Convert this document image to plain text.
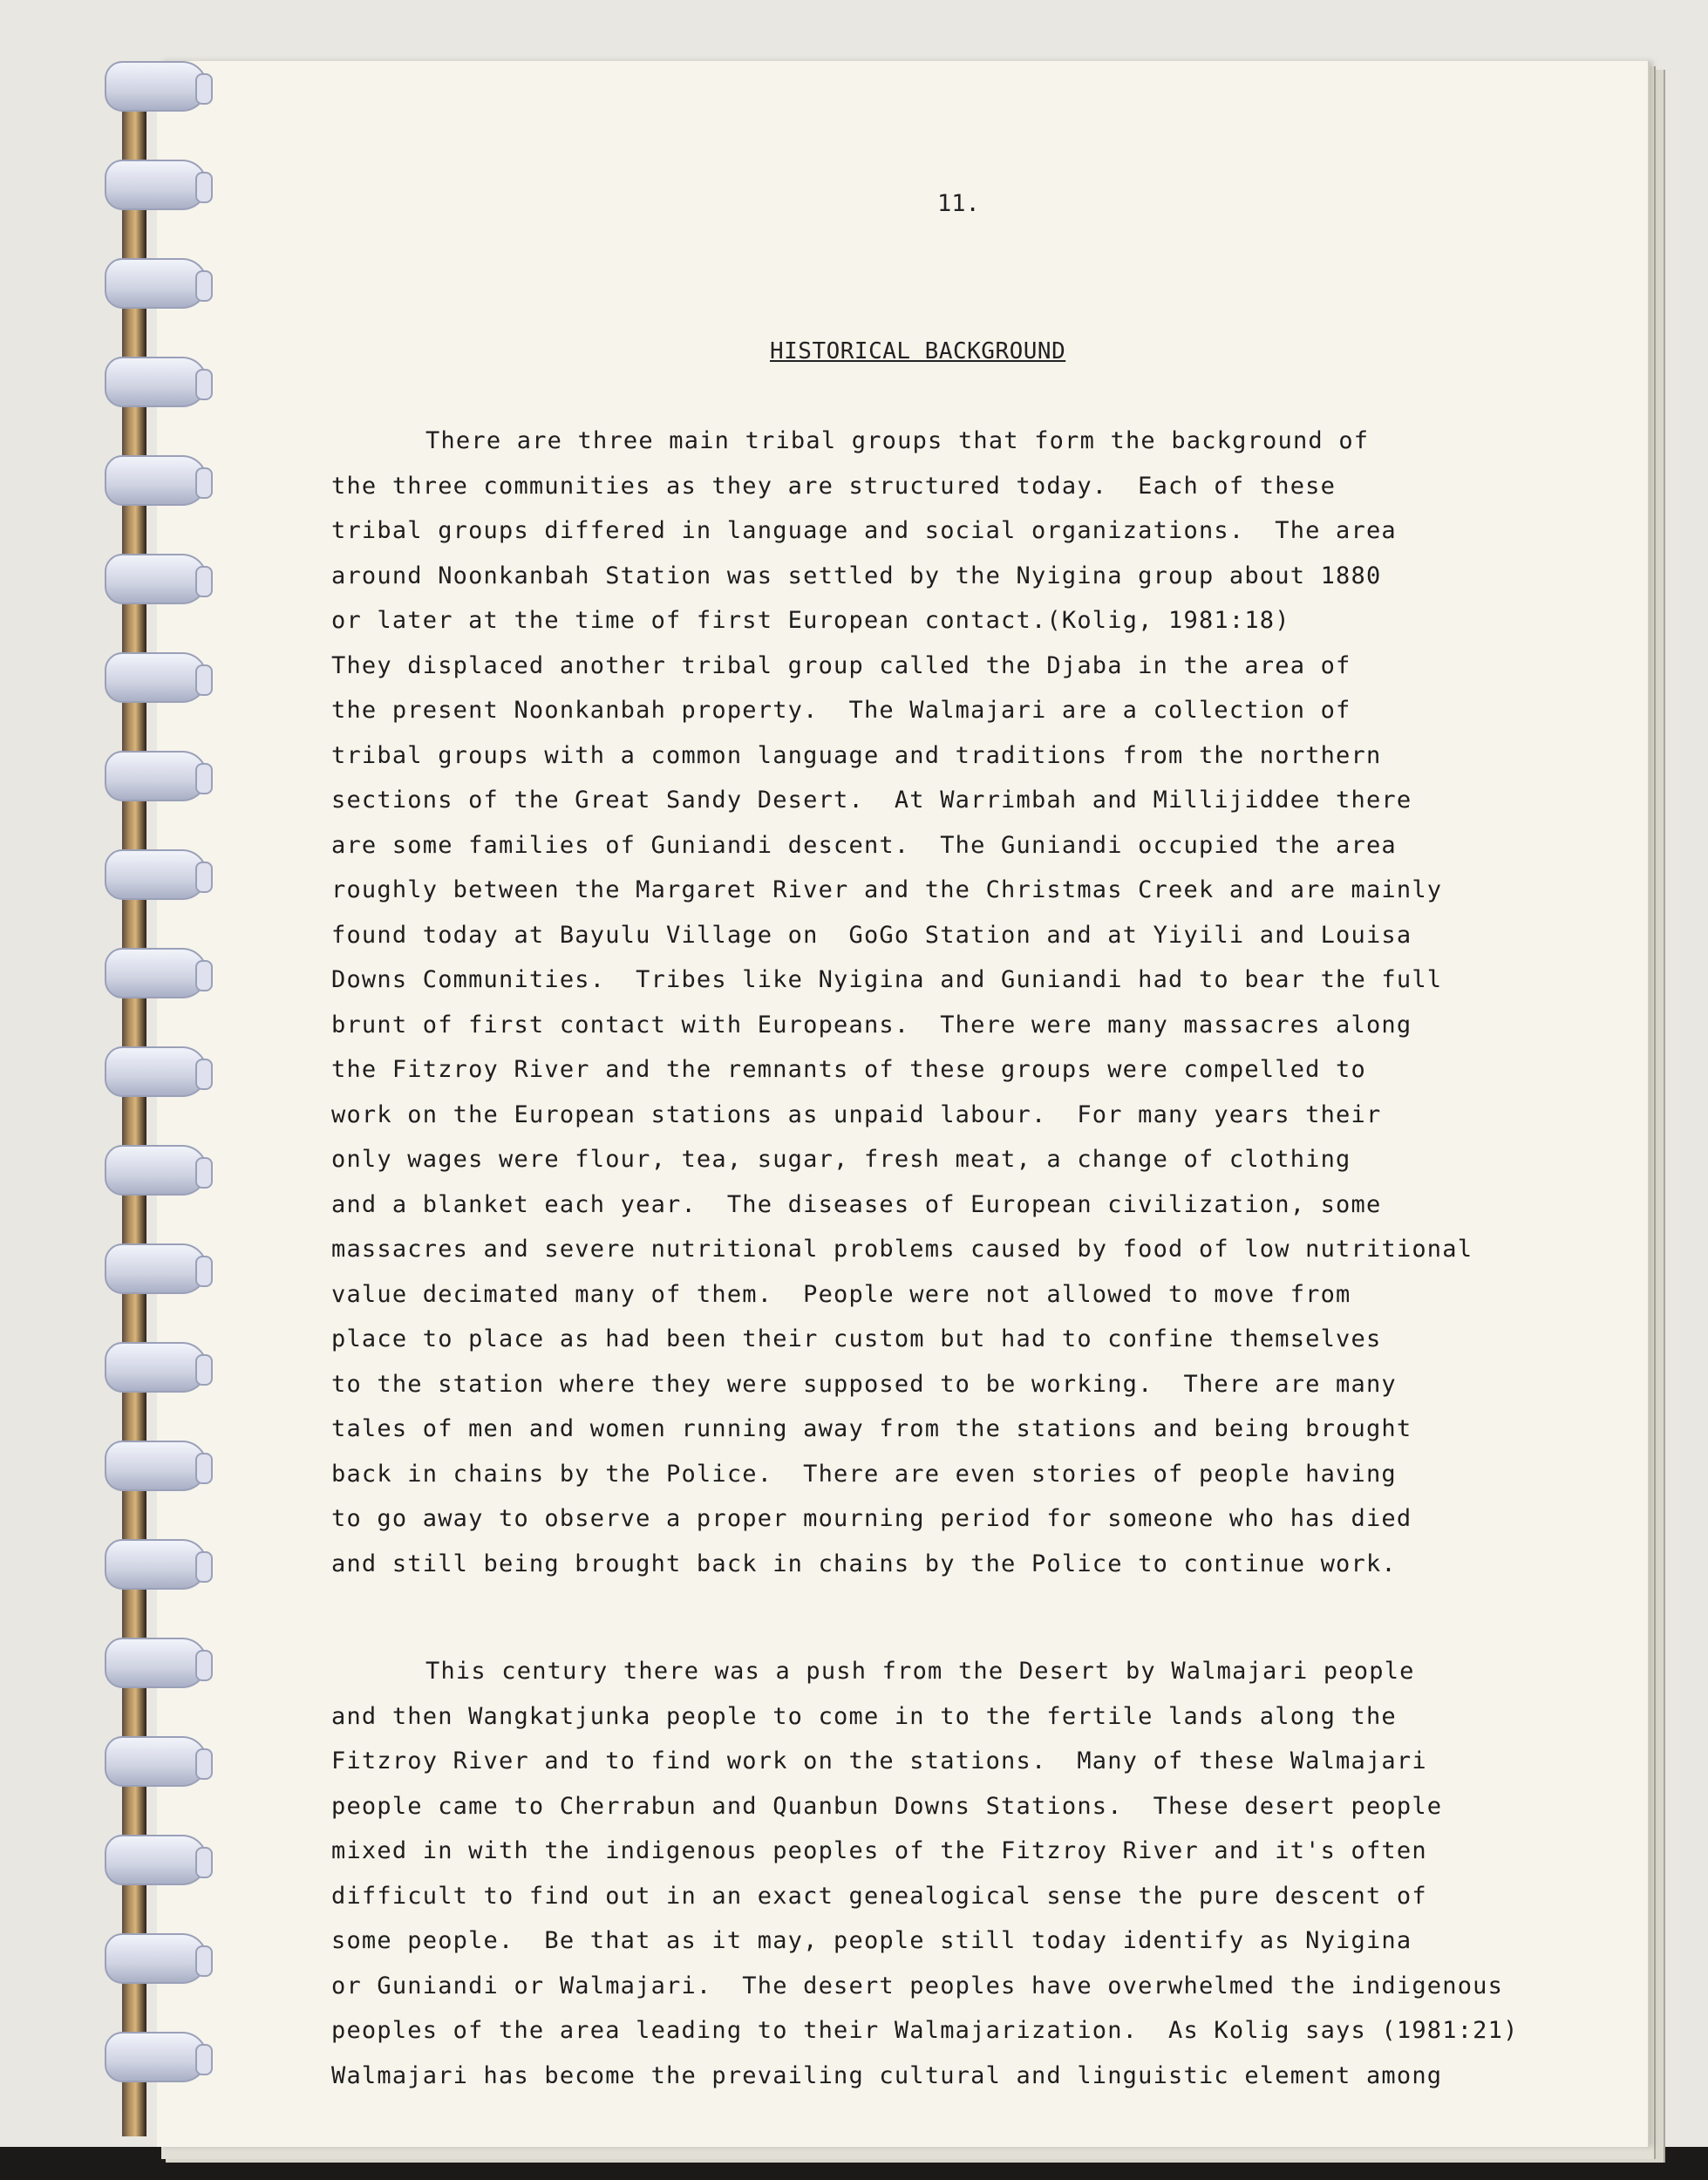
11.
HISTORICAL BACKGROUND
There are three main tribal groups that form the background of
the three communities as they are structured today.  Each of these
tribal groups differed in language and social organizations.  The area
around Noonkanbah Station was settled by the Nyigina group about 1880
or later at the time of first European contact.(Kolig, 1981:18)
They displaced another tribal group called the Djaba in the area of
the present Noonkanbah property.  The Walmajari are a collection of
tribal groups with a common language and traditions from the northern
sections of the Great Sandy Desert.  At Warrimbah and Millijiddee there
are some families of Guniandi descent.  The Guniandi occupied the area
roughly between the Margaret River and the Christmas Creek and are mainly
found today at Bayulu Village on  GoGo Station and at Yiyili and Louisa
Downs Communities.  Tribes like Nyigina and Guniandi had to bear the full
brunt of first contact with Europeans.  There were many massacres along
the Fitzroy River and the remnants of these groups were compelled to
work on the European stations as unpaid labour.  For many years their
only wages were flour, tea, sugar, fresh meat, a change of clothing
and a blanket each year.  The diseases of European civilization, some
massacres and severe nutritional problems caused by food of low nutritional
value decimated many of them.  People were not allowed to move from
place to place as had been their custom but had to confine themselves
to the station where they were supposed to be working.  There are many
tales of men and women running away from the stations and being brought
back in chains by the Police.  There are even stories of people having
to go away to observe a proper mourning period for someone who has died
and still being brought back in chains by the Police to continue work.
This century there was a push from the Desert by Walmajari people
and then Wangkatjunka people to come in to the fertile lands along the
Fitzroy River and to find work on the stations.  Many of these Walmajari
people came to Cherrabun and Quanbun Downs Stations.  These desert people
mixed in with the indigenous peoples of the Fitzroy River and it's often
difficult to find out in an exact genealogical sense the pure descent of
some people.  Be that as it may, people still today identify as Nyigina
or Guniandi or Walmajari.  The desert peoples have overwhelmed the indigenous
peoples of the area leading to their Walmajarization.  As Kolig says (1981:21)
Walmajari has become the prevailing cultural and linguistic element among
